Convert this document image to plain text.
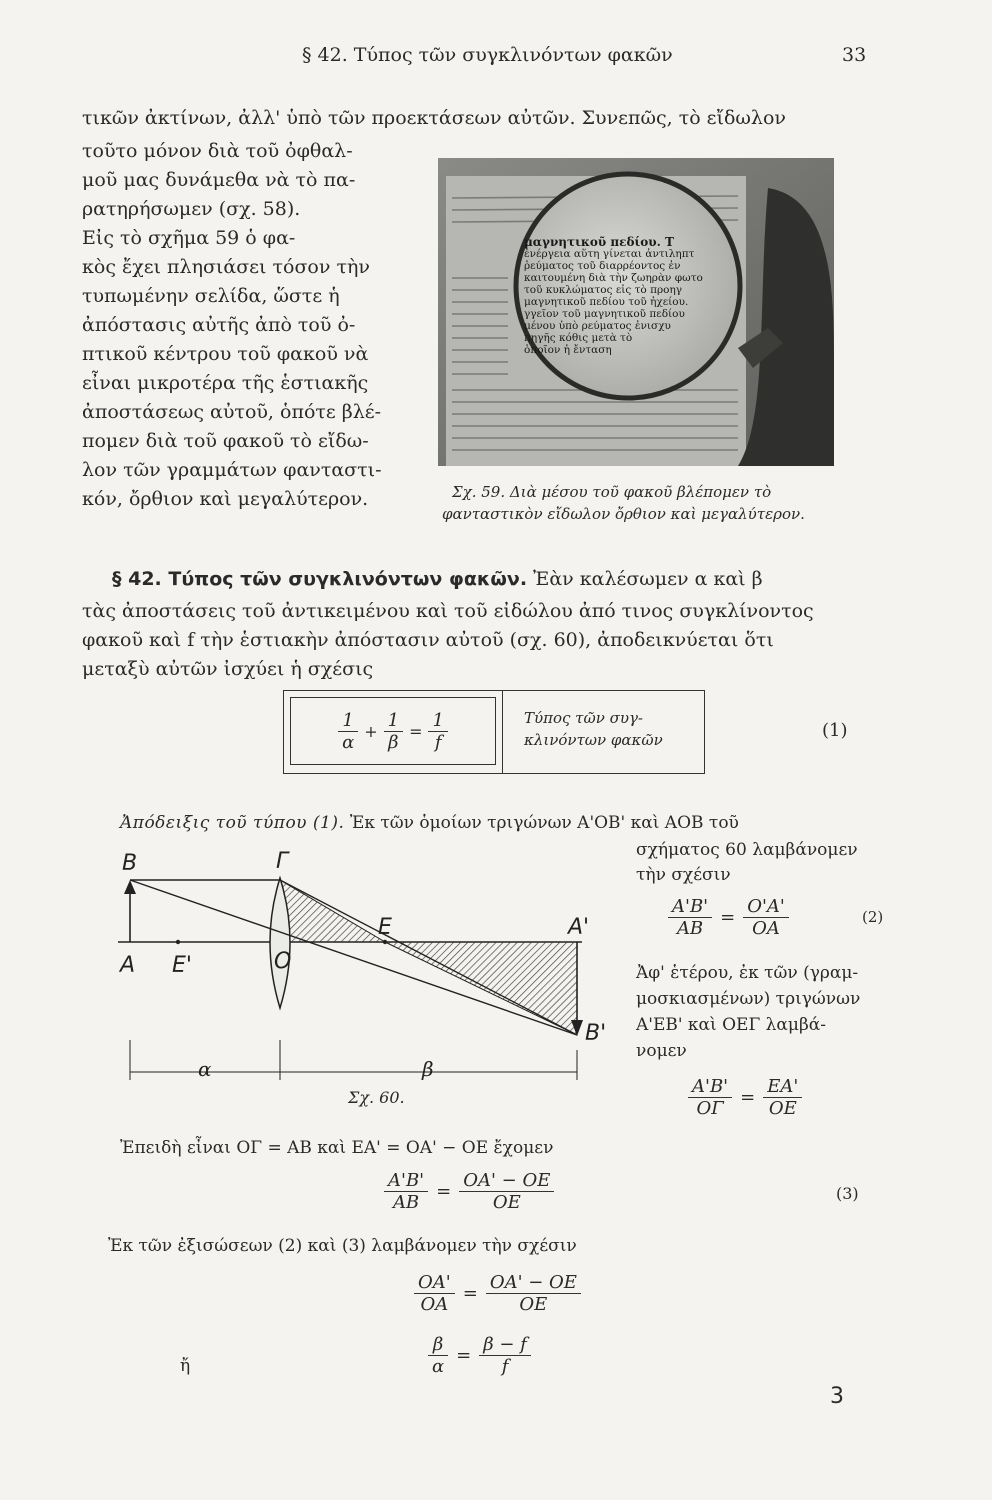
§ 42. Τύπος τῶν συγκλινόντων φακῶν	33
τικῶν ἀκτίνων, ἀλλ' ὑπὸ τῶν προεκτάσεων αὐτῶν. Συνεπῶς, τὸ εἴδωλον
τοῦτο μόνον διὰ τοῦ ὀφθαλ-
μοῦ μας δυνάμεθα νὰ τὸ πα-
ρατηρήσωμεν (σχ. 58).
Εἰς τὸ σχῆμα 59 ὁ φα-
κὸς ἔχει πλησιάσει τόσον τὴν
τυπωμένην σελίδα, ὥστε ἡ
ἀπόστασις αὐτῆς ἀπὸ τοῦ ὀ-
πτικοῦ κέντρου τοῦ φακοῦ νὰ
εἶναι μικροτέρα τῆς ἑστιακῆς
ἀποστάσεως αὐτοῦ, ὁπότε βλέ-
πομεν διὰ τοῦ φακοῦ τὸ εἴδω-
λον τῶν γραμμάτων φανταστι-
κόν, ὄρθιον καὶ μεγαλύτερον.
μαγνητικοῦ πεδίου. Τ
ἐνέργεια αὕτη γίνεται ἀντιληπτ
ῥεύματος τοῦ διαρρέοντος ἐν
καιτουμένη διὰ τὴν ζωηρὰν φωτο
τοῦ κυκλώματος εἰς τὸ προηγ
μαγνητικοῦ πεδίου τοῦ ἠχείου.
γγεῖον τοῦ μαγνητικοῦ πεδίου
μένου ὑπὸ ρεύματος ἐνισχυ
πηγῆς κόθις μετὰ τὸ
ὁποῖον ἡ ἔνταση
Σχ. 59. Διὰ μέσου τοῦ φακοῦ βλέπομεν τὸ
φανταστικὸν εἴδωλον ὄρθιον καὶ μεγαλύτερον.
§ 42. Τύπος τῶν συγκλινόντων φακῶν. Ἐὰν καλέσωμεν α καὶ β
τὰς ἀποστάσεις τοῦ ἀντικειμένου καὶ τοῦ εἰδώλου ἀπό τινος συγκλίνοντος
φακοῦ καὶ f τὴν ἑστιακὴν ἀπόστασιν αὐτοῦ (σχ. 60), ἀποδεικνύεται ὅτι
μεταξὺ αὐτῶν ἰσχύει ἡ σχέσις
$\frac{1}{\alpha} + \frac{1}{\beta} = \frac{1}{f}$	Τύπος τῶν συγ-
κλινόντων φακῶν	(1)
Ἀπόδειξις τοῦ τύπου (1). Ἐκ τῶν ὁμοίων τριγώνων Α'ΟΒ' καὶ ΑΟΒ τοῦ
σχήματος 60 λαμβάνομεν
τὴν σχέσιν
$\frac{A'B'}{AB} = \frac{O'A'}{OA}$	(2)
Ἀφ' ἑτέρου, ἐκ τῶν (γραμ-
μοσκιασμένων) τριγώνων
Α'ΕΒ' καὶ ΟΕΓ λαμβά-
νομεν
$\frac{A'B'}{O\Gamma} = \frac{EA'}{OE}$
Β	Γ
Α Ε'	Ο
Ε	Α'
Β'
α	β
Σχ. 60.
Ἐπειδὴ εἶναι ΟΓ = ΑΒ καὶ ΕΑ' = ΟΑ' − ΟΕ ἔχομεν
$\frac{A'B'}{AB} = \frac{OA' - OE}{OE}$	(3)
Ἐκ τῶν ἐξισώσεων (2) καὶ (3) λαμβάνομεν τὴν σχέσιν
$\frac{OA'}{OA} = \frac{OA' - OE}{OE}$
ἤ	$\frac{\beta}{\alpha} = \frac{\beta - f}{f}$
3
